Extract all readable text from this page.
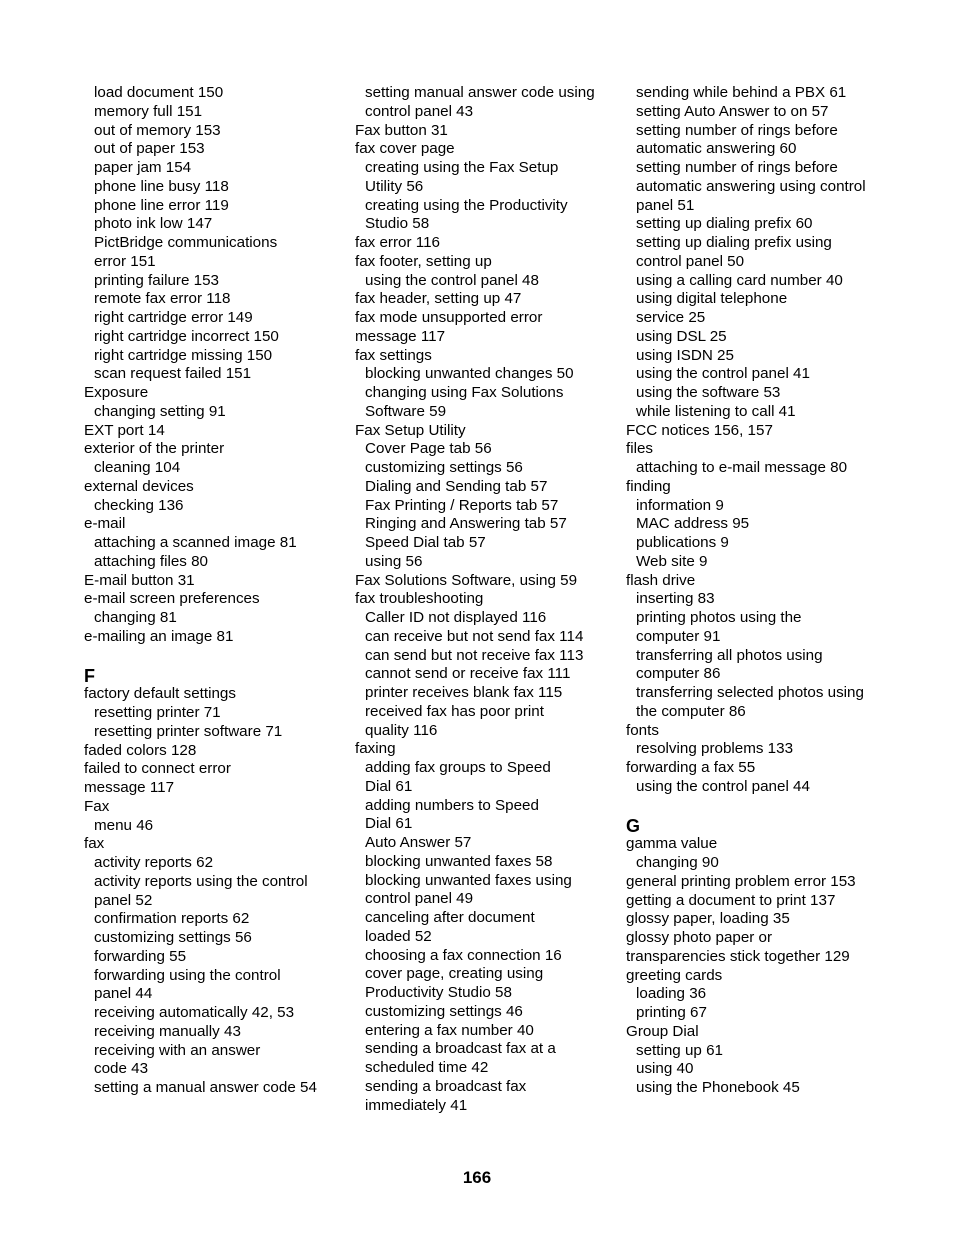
load document 150
memory full 151
out of memory 153
out of paper 153
paper jam 154
phone line busy 118
phone line error 119
photo ink low 147
PictBridge communications
error 151
printing failure 153
remote fax error 118
right cartridge error 149
right cartridge incorrect 150
right cartridge missing 150
scan request failed 151
Exposure
changing setting 91
EXT port 14
exterior of the printer
cleaning 104
external devices
checking 136
e-mail
attaching a scanned image 81
attaching files 80
E-mail button 31
e-mail screen preferences
changing 81
e-mailing an image 81
F
factory default settings
resetting printer 71
resetting printer software 71
faded colors 128
failed to connect error
message 117
Fax
menu 46
fax
activity reports 62
activity reports using the control
panel 52
confirmation reports 62
customizing settings 56
forwarding 55
forwarding using the control
panel 44
receiving automatically 42, 53
receiving manually 43
receiving with an answer
code 43
setting a manual answer code 54
setting manual answer code using
control panel 43
Fax button 31
fax cover page
creating using the Fax Setup
Utility 56
creating using the Productivity
Studio 58
fax error 116
fax footer, setting up
using the control panel 48
fax header, setting up 47
fax mode unsupported error
message 117
fax settings
blocking unwanted changes 50
changing using Fax Solutions
Software 59
Fax Setup Utility
Cover Page tab 56
customizing settings 56
Dialing and Sending tab 57
Fax Printing / Reports tab 57
Ringing and Answering tab 57
Speed Dial tab 57
using 56
Fax Solutions Software, using 59
fax troubleshooting
Caller ID not displayed 116
can receive but not send fax 114
can send but not receive fax 113
cannot send or receive fax 111
printer receives blank fax 115
received fax has poor print
quality 116
faxing
adding fax groups to Speed
Dial 61
adding numbers to Speed
Dial 61
Auto Answer 57
blocking unwanted faxes 58
blocking unwanted faxes using
control panel 49
canceling after document
loaded 52
choosing a fax connection 16
cover page, creating using
Productivity Studio 58
customizing settings 46
entering a fax number 40
sending a broadcast fax at a
scheduled time 42
sending a broadcast fax
immediately 41
sending while behind a PBX 61
setting Auto Answer to on 57
setting number of rings before
automatic answering 60
setting number of rings before
automatic answering using control
panel 51
setting up dialing prefix 60
setting up dialing prefix using
control panel 50
using a calling card number 40
using digital telephone
service 25
using DSL 25
using ISDN 25
using the control panel 41
using the software 53
while listening to call 41
FCC notices 156, 157
files
attaching to e-mail message 80
finding
information 9
MAC address 95
publications 9
Web site 9
flash drive
inserting 83
printing photos using the
computer 91
transferring all photos using
computer 86
transferring selected photos using
the computer 86
fonts
resolving problems 133
forwarding a fax 55
using the control panel 44
G
gamma value
changing 90
general printing problem error 153
getting a document to print 137
glossy paper, loading 35
glossy photo paper or
transparencies stick together 129
greeting cards
loading 36
printing 67
Group Dial
setting up 61
using 40
using the Phonebook 45
166
